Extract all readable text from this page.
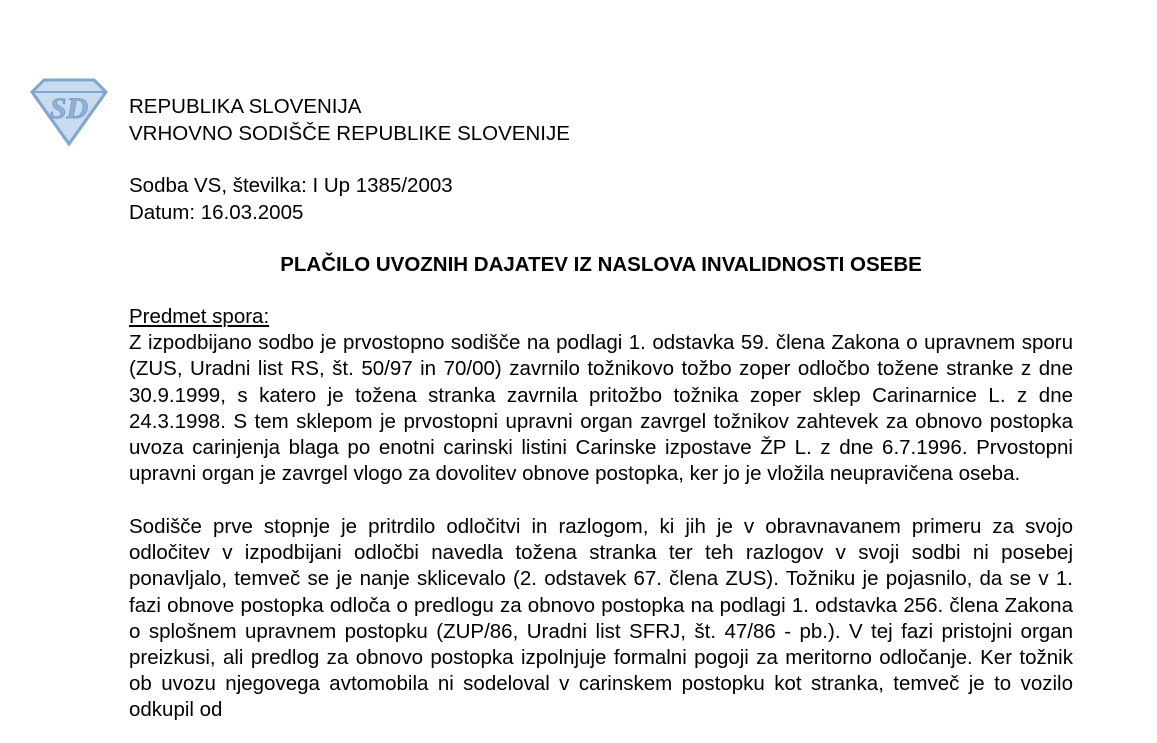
SD REPUBLIKA SLOVENIJA
VRHOVNO SODIŠČE REPUBLIKE SLOVENIJE
Sodba VS, številka: I Up 1385/2003
Datum: 16.03.2005
PLAČILO UVOZNIH DAJATEV IZ NASLOVA INVALIDNOSTI OSEBE
Predmet spora:

Z izpodbijano sodbo je prvostopno sodišče na podlagi 1. odstavka 59. člena Zakona o upravnem sporu (ZUS, Uradni list RS, št. 50/97 in 70/00) zavrnilo tožnikovo tožbo zoper odločbo tožene stranke z dne 30.9.1999, s katero je tožena stranka zavrnila pritožbo tožnika zoper sklep Carinarnice L. z dne 24.3.1998. S tem sklepom je prvostopni upravni organ zavrgel tožnikov zahtevek za obnovo postopka uvoza carinjenja blaga po enotni carinski listini Carinske izpostave ŽP L. z dne 6.7.1996. Prvostopni upravni organ je zavrgel vlogo za dovolitev obnove postopka, ker jo je vložila neupravičena oseba.

Sodišče prve stopnje je pritrdilo odločitvi in razlogom, ki jih je v obravnavanem primeru za svojo odločitev v izpodbijani odločbi navedla tožena stranka ter teh razlogov v svoji sodbi ni posebej ponavljalo, temveč se je nanje sklicevalo (2. odstavek 67. člena ZUS). Tožniku je pojasnilo, da se v 1. fazi obnove postopka odloča o predlogu za obnovo postopka na podlagi 1. odstavka 256. člena Zakona o splošnem upravnem postopku (ZUP/86, Uradni list SFRJ, št. 47/86 - pb.). V tej fazi pristojni organ preizkusi, ali predlog za obnovo postopka izpolnjuje formalni pogoji za meritorno odločanje. Ker tožnik ob uvozu njegovega avtomobila ni sodeloval v carinskem postopku kot stranka, temveč je to vozilo odkupil od
